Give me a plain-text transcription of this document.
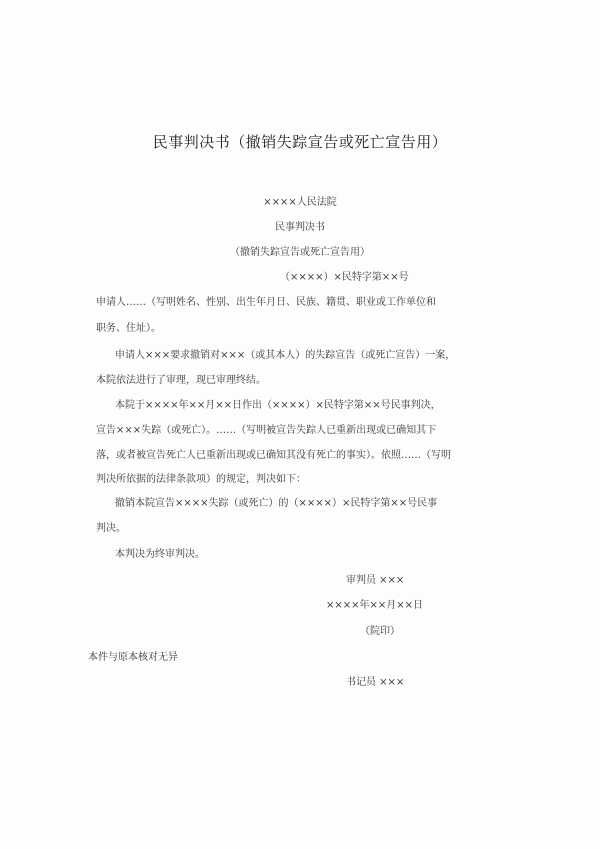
民事判决书（撤销失踪宣告或死亡宣告用）
××××人民法院
民事判决书
（撤销失踪宣告或死亡宣告用）
（××××）×民特字第××号
申请人……（写明姓名、性别、出生年月日、民族、籍贯、职业或工作单位和
职务、住址）。
申请人×××要求撤销对×××（或其本人）的失踪宣告（或死亡宣告）一案，
本院依法进行了审理，现已审理终结。
本院于××××年××月××日作出（××××）×民特字第××号民事判决，
宣告×××失踪（或死亡）。……（写明被宣告失踪人已重新出现或已确知其下
落，或者被宣告死亡人已重新出现或已确知其没有死亡的事实）。依照……（写明
判决所依据的法律条款项）的规定，判决如下：
撤销本院宣告××××失踪（或死亡）的（××××）×民特字第××号民事
判决。
本判决为终审判决。
审判员 ×××
××××年××月××日
（院印）
本件与原本核对无异
书记员 ×××
